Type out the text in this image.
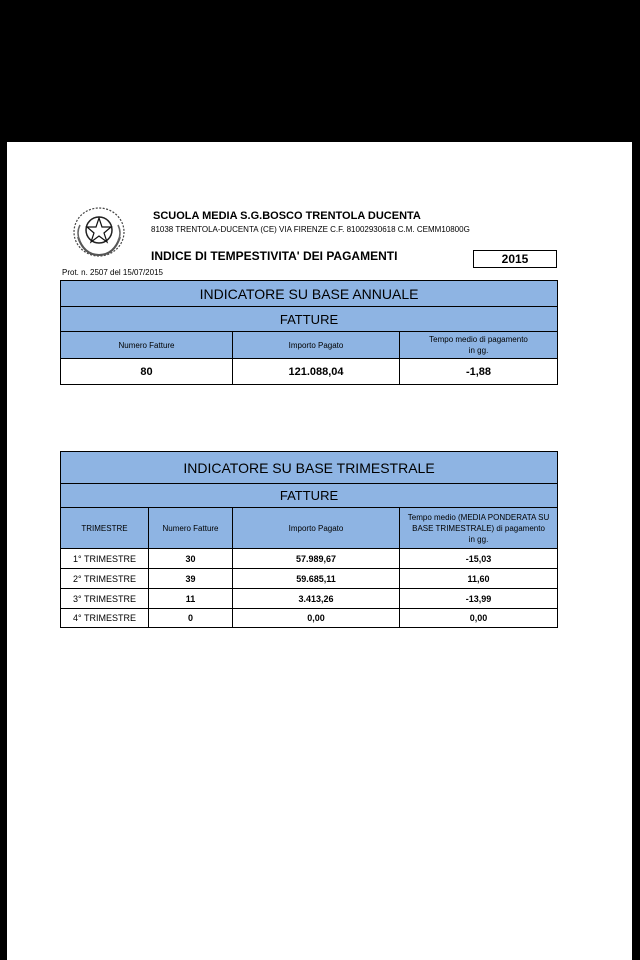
SCUOLA MEDIA S.G.BOSCO TRENTOLA DUCENTA
81038 TRENTOLA-DUCENTA (CE) VIA FIRENZE C.F. 81002930618 C.M. CEMM10800G
INDICE DI TEMPESTIVITA' DEI PAGAMENTI	2015
Prot. n. 2507 del 15/07/2015
INDICATORE SU BASE ANNUALE		
FATTURE		
Numero Fatture	Importo Pagato	Tempo medio di pagamento
in gg.
80	121.088,04	-1,88
INDICATORE SU BASE TRIMESTRALE			
FATTURE			
TRIMESTRE	Numero Fatture	Importo Pagato	Tempo medio (MEDIA PONDERATA SU
BASE TRIMESTRALE) di pagamento
in gg.
1° TRIMESTRE	30	57.989,67	-15,03
2° TRIMESTRE	39	59.685,11	11,60
3° TRIMESTRE	11	3.413,26	-13,99
4° TRIMESTRE	0	0,00	0,00
